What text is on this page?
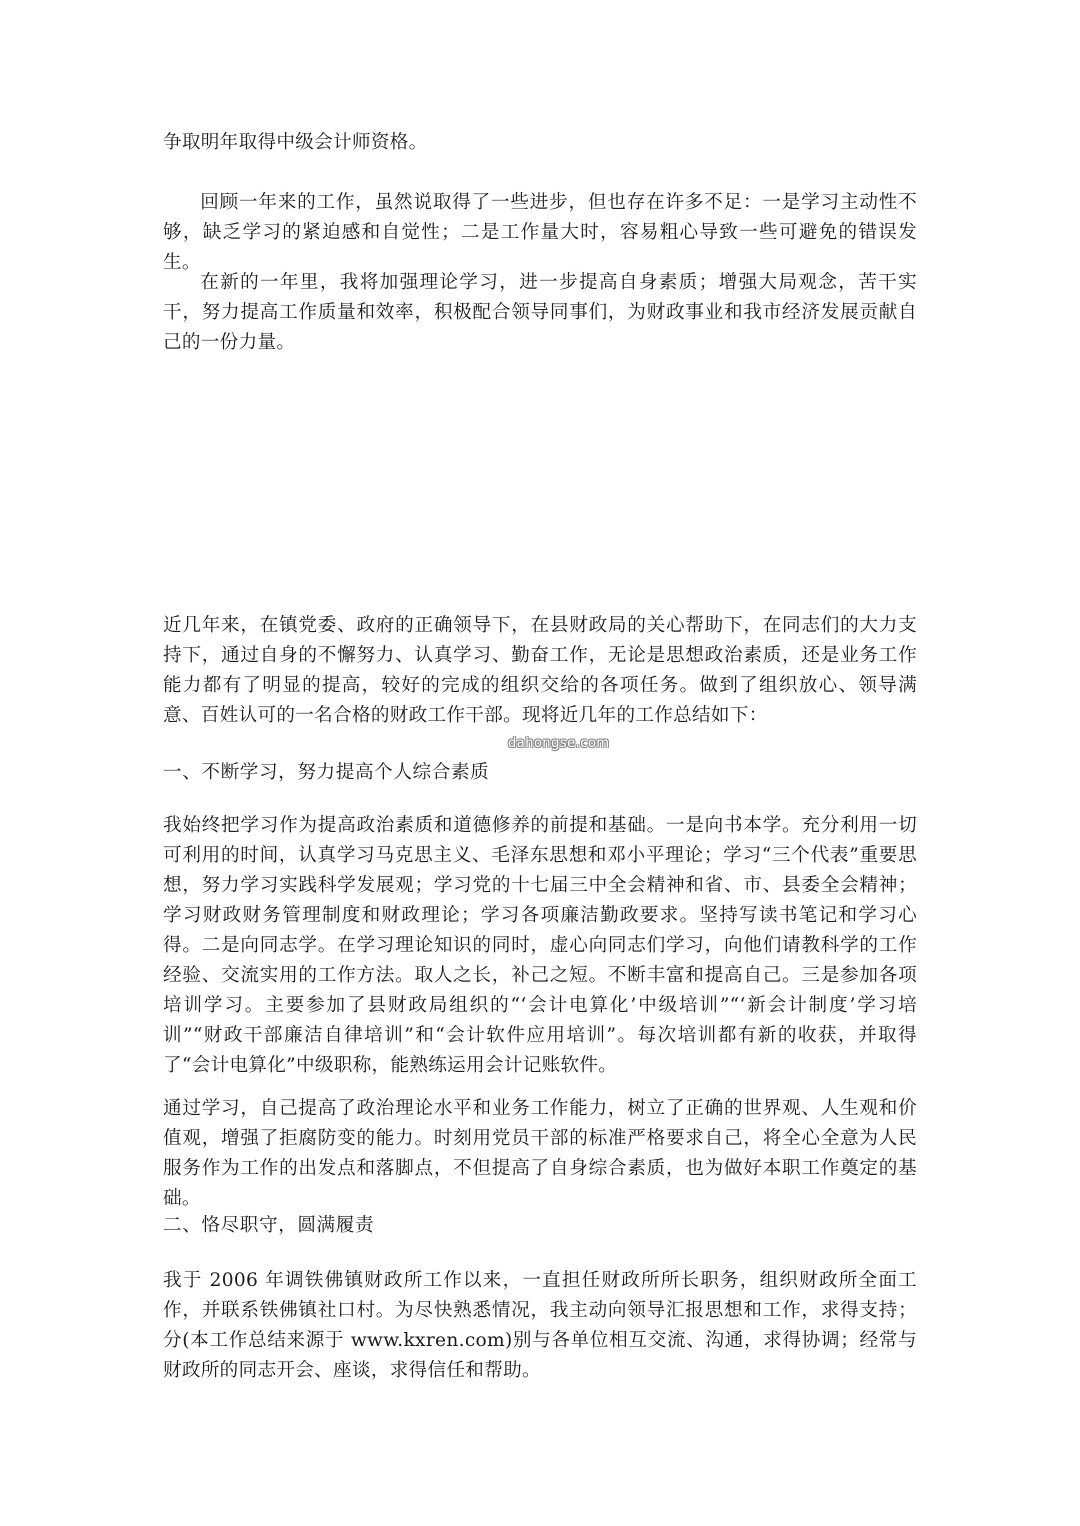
争取明年取得中级会计师资格。

回顾一年来的工作，虽然说取得了一些进步，但也存在许多不足：一是学习主动性不够，缺乏学习的紧迫感和自觉性；二是工作量大时，容易粗心导致一些可避免的错误发生。

在新的一年里，我将加强理论学习，进一步提高自身素质；增强大局观念，苦干实干，努力提高工作质量和效率，积极配合领导同事们，为财政事业和我市经济发展贡献自己的一份力量。

近几年来，在镇党委、政府的正确领导下，在县财政局的关心帮助下，在同志们的大力支持下，通过自身的不懈努力、认真学习、勤奋工作，无论是思想政治素质，还是业务工作能力都有了明显的提高，较好的完成的组织交给的各项任务。做到了组织放心、领导满意、百姓认可的一名合格的财政工作干部。现将近几年的工作总结如下：

dahongse.com

一、不断学习，努力提高个人综合素质

我始终把学习作为提高政治素质和道德修养的前提和基础。一是向书本学。充分利用一切可利用的时间，认真学习马克思主义、毛泽东思想和邓小平理论；学习“三个代表”重要思想，努力学习实践科学发展观；学习党的十七届三中全会精神和省、市、县委全会精神；学习财政财务管理制度和财政理论；学习各项廉洁勤政要求。坚持写读书笔记和学习心得。二是向同志学。在学习理论知识的同时，虚心向同志们学习，向他们请教科学的工作经验、交流实用的工作方法。取人之长，补己之短。不断丰富和提高自己。三是参加各项培训学习。主要参加了县财政局组织的“‘会计电算化’中级培训”“‘新会计制度’学习培训”“财政干部廉洁自律培训”和“会计软件应用培训”。每次培训都有新的收获，并取得了“会计电算化”中级职称，能熟练运用会计记账软件。

通过学习，自己提高了政治理论水平和业务工作能力，树立了正确的世界观、人生观和价值观，增强了拒腐防变的能力。时刻用党员干部的标准严格要求自己，将全心全意为人民服务作为工作的出发点和落脚点，不但提高了自身综合素质，也为做好本职工作奠定的基础。

二、恪尽职守，圆满履责

我于 2006 年调铁佛镇财政所工作以来，一直担任财政所所长职务，组织财政所全面工作，并联系铁佛镇社口村。为尽快熟悉情况，我主动向领导汇报思想和工作，求得支持；分(本工作总结来源于 www.kxren.com)别与各单位相互交流、沟通，求得协调；经常与财政所的同志开会、座谈，求得信任和帮助。
